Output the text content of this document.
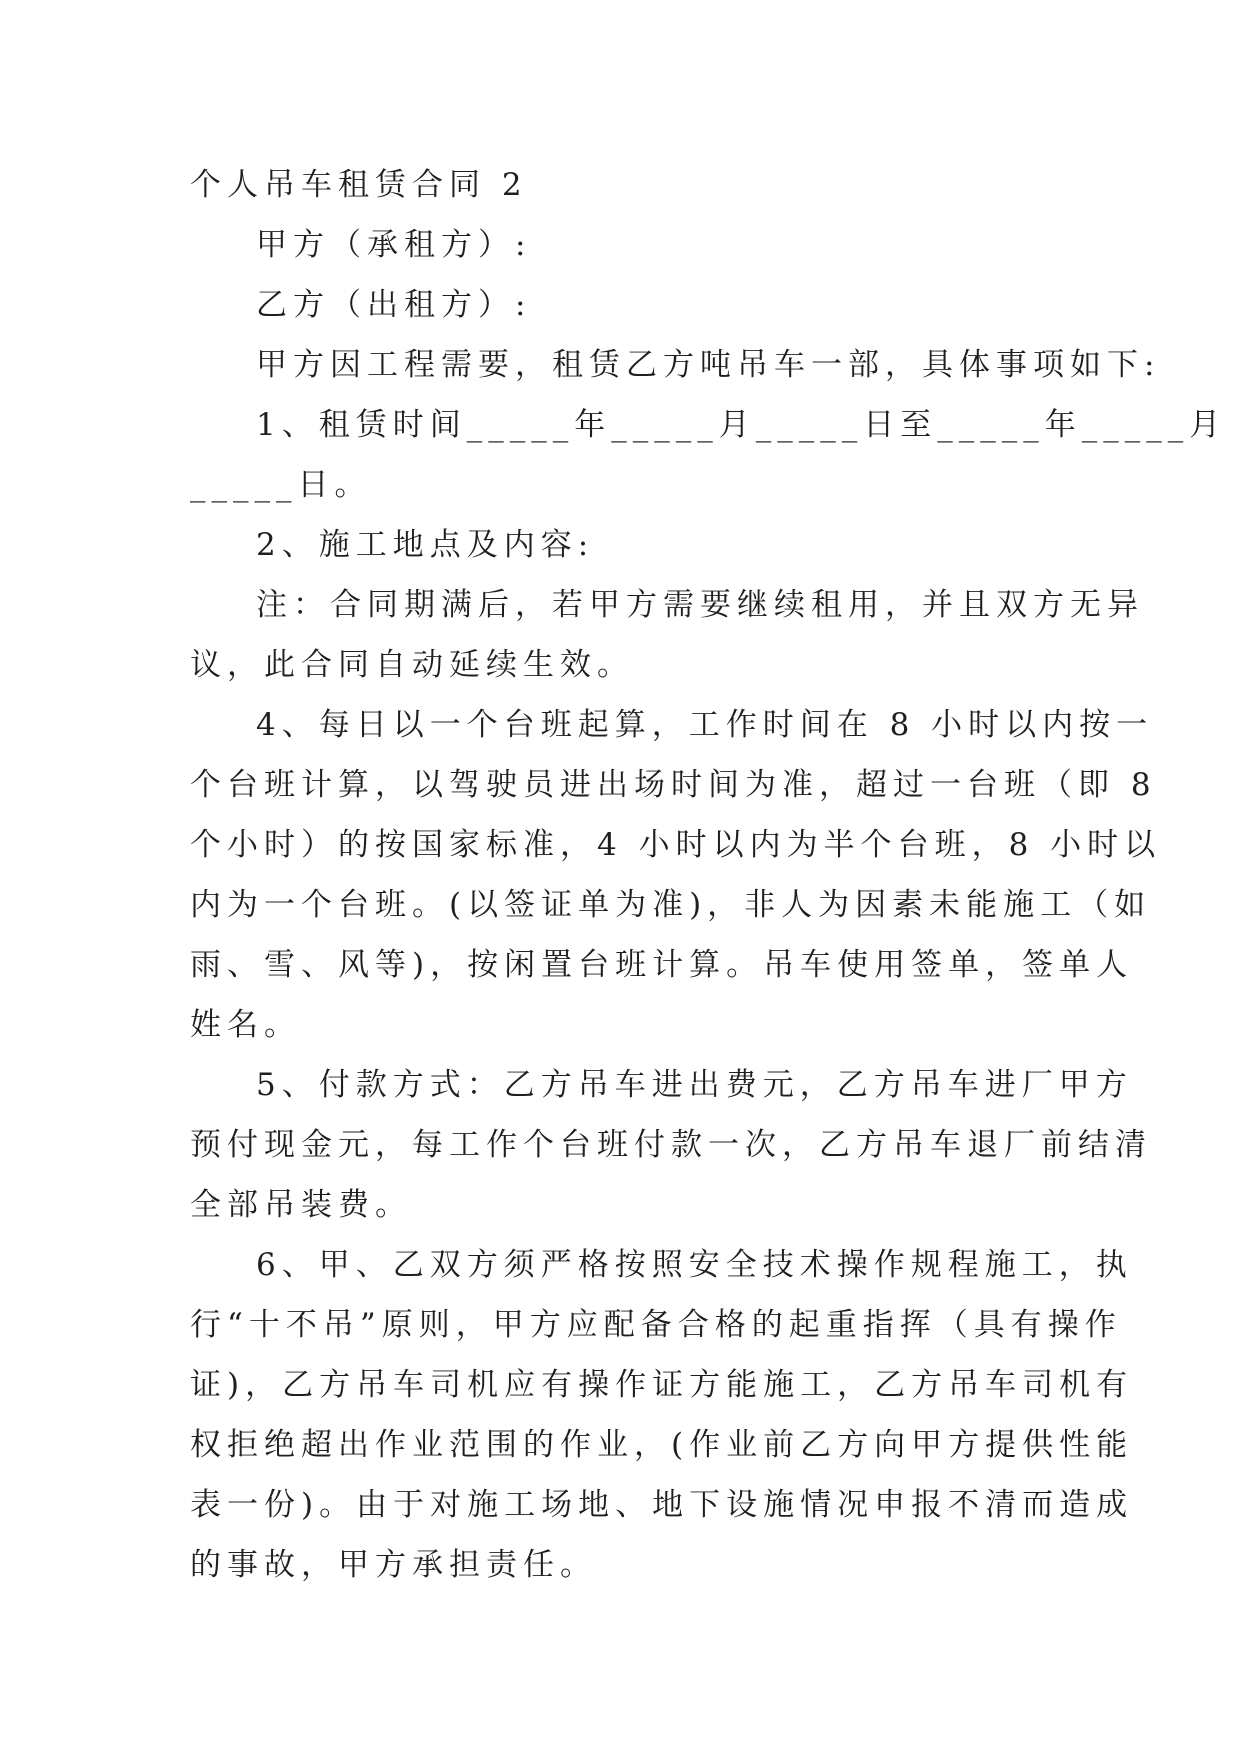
个人吊车租赁合同 2
甲方（承租方）:
乙方（出租方）:
甲方因工程需要，租赁乙方吨吊车一部，具体事项如下:
1、租赁时间_____年_____月_____日至_____年_____月
_____日。
2、施工地点及内容:
注：合同期满后，若甲方需要继续租用，并且双方无异
议，此合同自动延续生效。
4、每日以一个台班起算，工作时间在 8 小时以内按一
个台班计算，以驾驶员进出场时间为准，超过一台班（即 8
个小时）的按国家标准，4 小时以内为半个台班，8 小时以
内为一个台班。(以签证单为准)，非人为因素未能施工（如
雨、雪、风等)，按闲置台班计算。吊车使用签单，签单人
姓名。
5、付款方式：乙方吊车进出费元，乙方吊车进厂甲方
预付现金元，每工作个台班付款一次，乙方吊车退厂前结清
全部吊装费。
6、甲、乙双方须严格按照安全技术操作规程施工，执
行“十不吊”原则，甲方应配备合格的起重指挥（具有操作
证)，乙方吊车司机应有操作证方能施工，乙方吊车司机有
权拒绝超出作业范围的作业，(作业前乙方向甲方提供性能
表一份)。由于对施工场地、地下设施情况申报不清而造成
的事故，甲方承担责任。
